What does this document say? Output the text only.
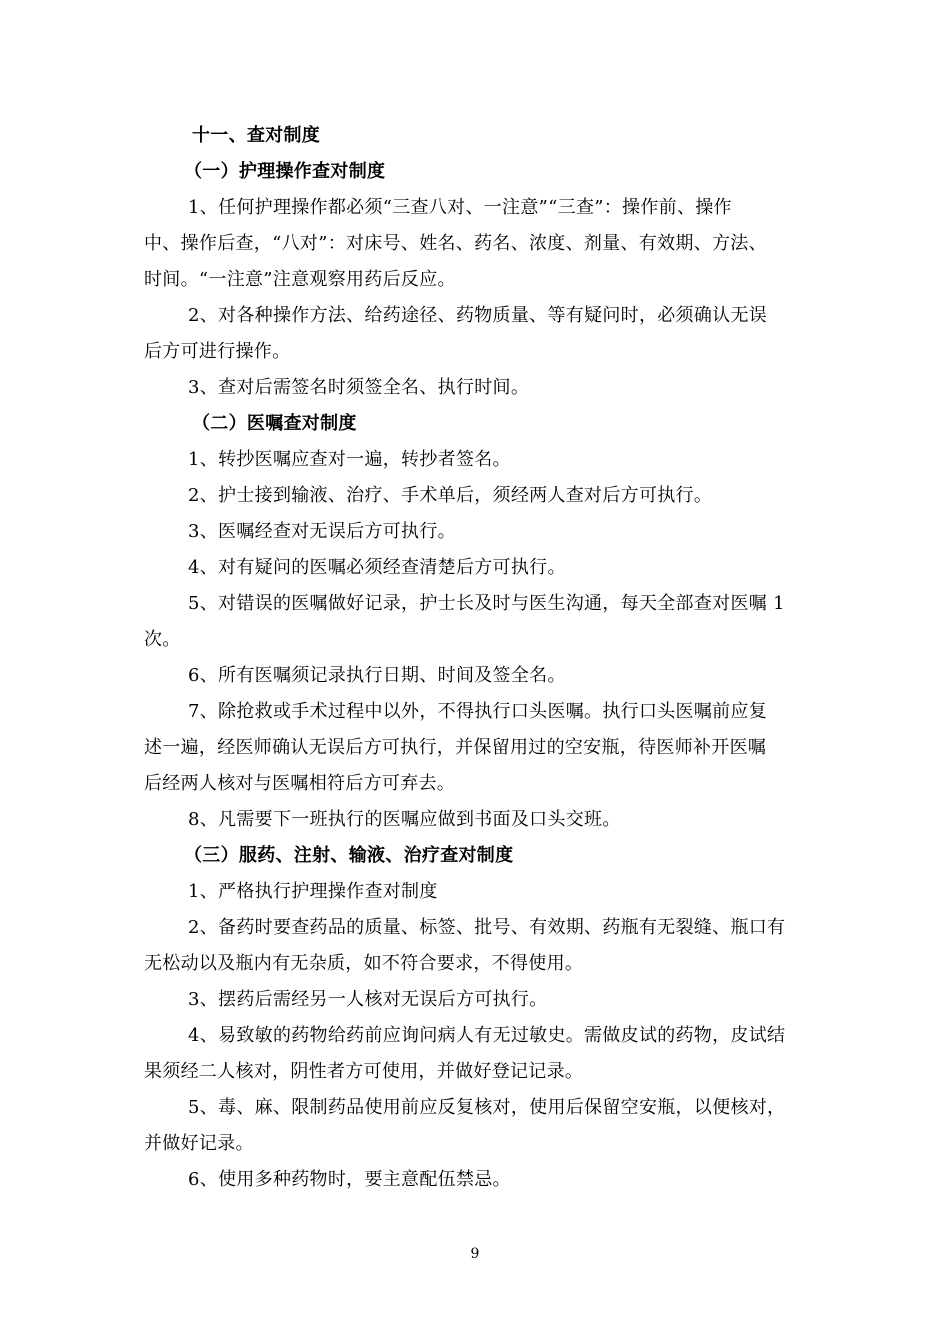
十一、查对制度
（一）护理操作查对制度
1、任何护理操作都必须“三查八对、一注意”“三查”：操作前、操作
中、操作后查，“八对”：对床号、姓名、药名、浓度、剂量、有效期、方法、
时间。“一注意”注意观察用药后反应。
2、对各种操作方法、给药途径、药物质量、等有疑问时，必须确认无误
后方可进行操作。
3、查对后需签名时须签全名、执行时间。
（二）医嘱查对制度
1、转抄医嘱应查对一遍，转抄者签名。
2、护士接到输液、治疗、手术单后，须经两人查对后方可执行。
3、医嘱经查对无误后方可执行。
4、对有疑问的医嘱必须经查清楚后方可执行。
5、对错误的医嘱做好记录，护士长及时与医生沟通，每天全部查对医嘱 1
次。
6、所有医嘱须记录执行日期、时间及签全名。
7、除抢救或手术过程中以外，不得执行口头医嘱。执行口头医嘱前应复
述一遍，经医师确认无误后方可执行，并保留用过的空安瓶，待医师补开医嘱
后经两人核对与医嘱相符后方可弃去。
8、凡需要下一班执行的医嘱应做到书面及口头交班。
（三）服药、注射、输液、治疗查对制度
1、严格执行护理操作查对制度
2、备药时要查药品的质量、标签、批号、有效期、药瓶有无裂缝、瓶口有
无松动以及瓶内有无杂质，如不符合要求，不得使用。
3、摆药后需经另一人核对无误后方可执行。
4、易致敏的药物给药前应询问病人有无过敏史。需做皮试的药物，皮试结
果须经二人核对，阴性者方可使用，并做好登记记录。
5、毒、麻、限制药品使用前应反复核对，使用后保留空安瓶，以便核对，
并做好记录。
6、使用多种药物时，要主意配伍禁忌。
9
